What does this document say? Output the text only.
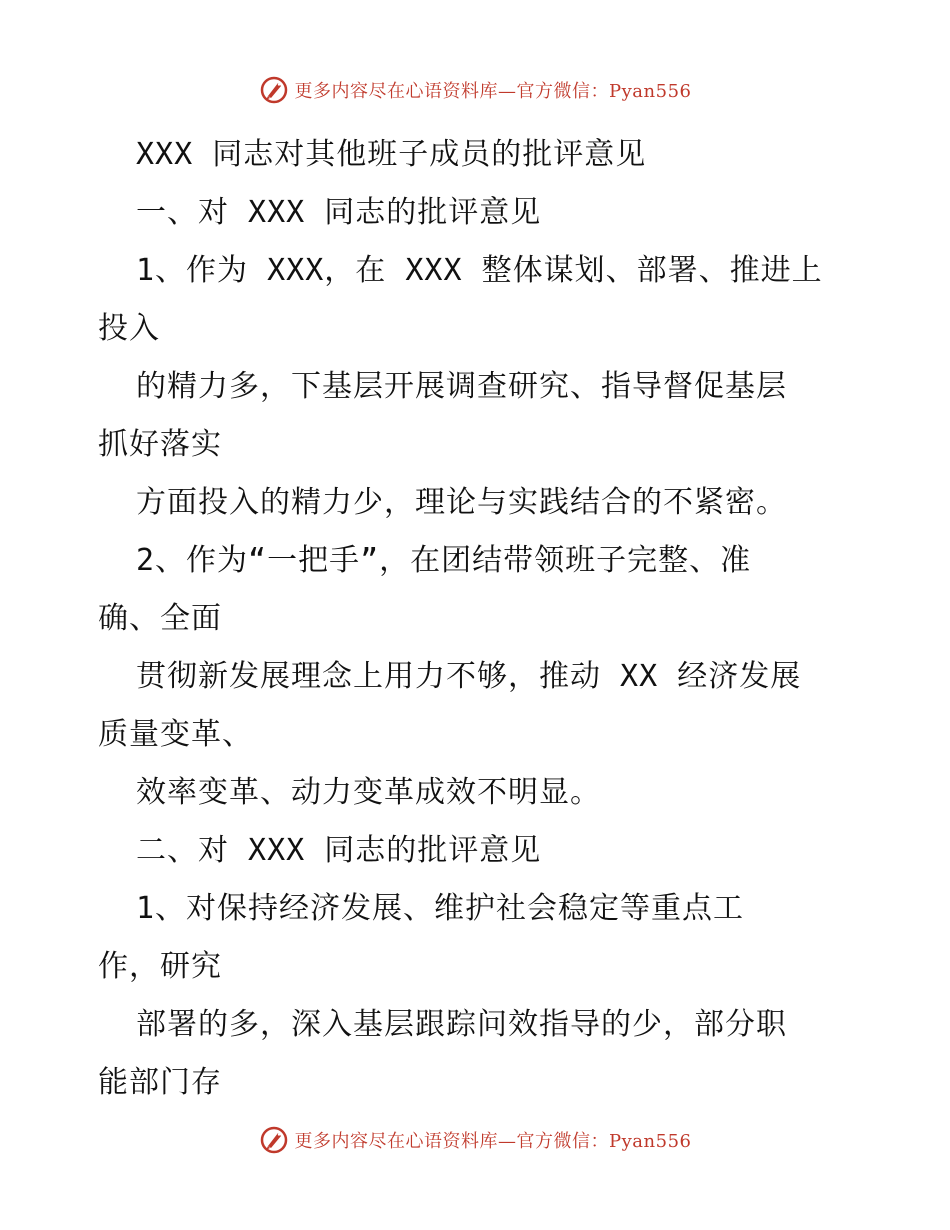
更多内容尽在心语资料库—官方微信：Pyan556
XXX 同志对其他班子成员的批评意见
一、对 XXX 同志的批评意见
1、作为 XXX，在 XXX 整体谋划、部署、推进上
投入
的精力多，下基层开展调查研究、指导督促基层
抓好落实
方面投入的精力少，理论与实践结合的不紧密。
2、作为“一把手”，在团结带领班子完整、准
确、全面
贯彻新发展理念上用力不够，推动 XX 经济发展
质量变革、
效率变革、动力变革成效不明显。
二、对 XXX 同志的批评意见
1、对保持经济发展、维护社会稳定等重点工
作，研究
部署的多，深入基层跟踪问效指导的少，部分职
能部门存
更多内容尽在心语资料库—官方微信：Pyan556
